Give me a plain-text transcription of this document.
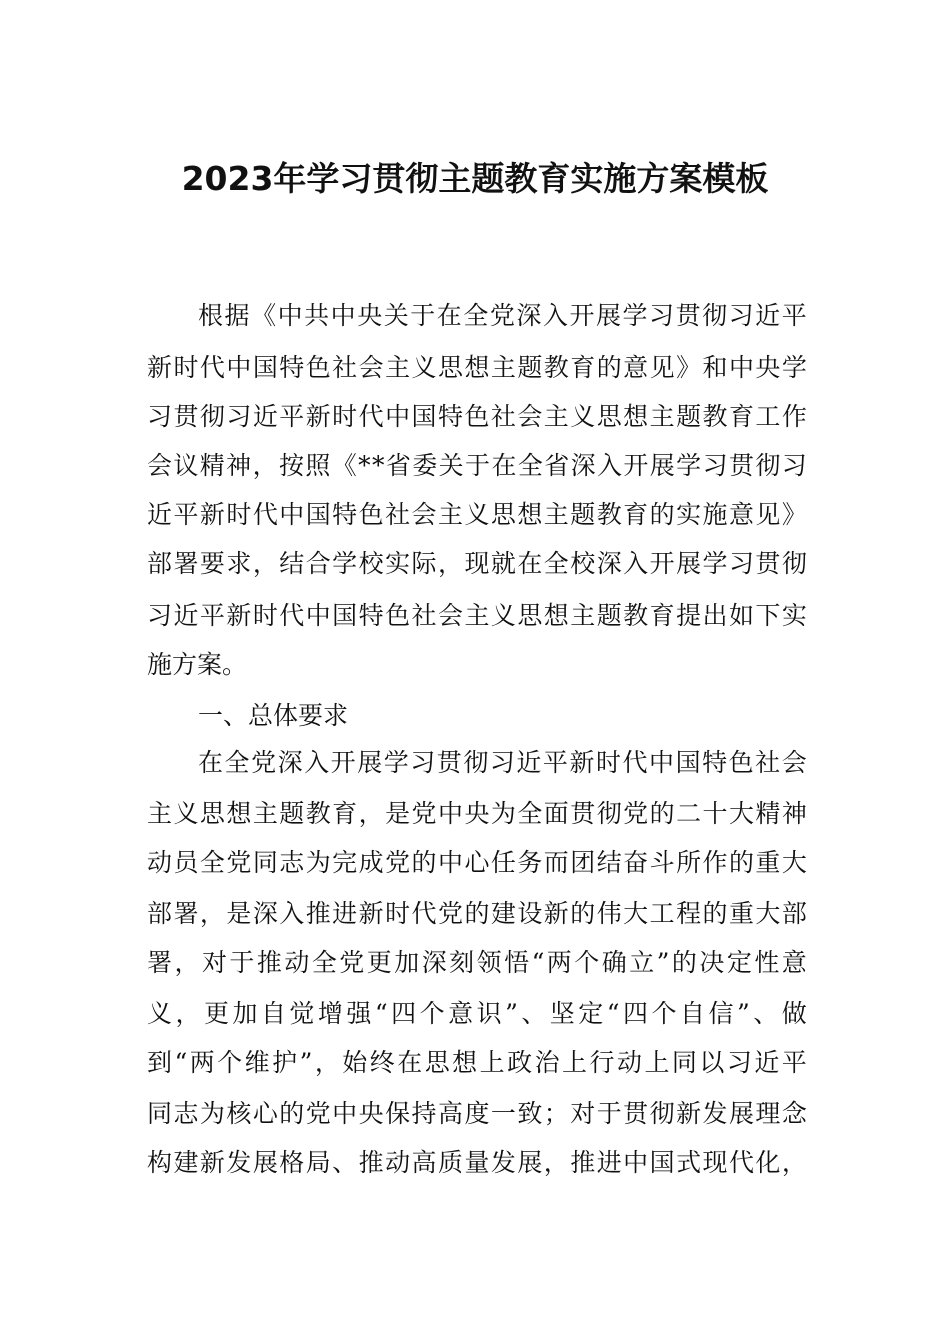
2023年学习贯彻主题教育实施方案模板
根 据 《 中 共 中 央 关 于 在 全 党 深 入 开 展 学 习 贯 彻 习 近 平
新 时 代 中 国 特 色 社 会 主 义 思 想 主 题 教 育 的 意 见 》 和 中 央 学
习 贯 彻 习 近 平 新 时 代 中 国 特 色 社 会 主 义 思 想 主 题 教 育 工 作
会 议 精 神 ， 按 照 《 * * 省 委 关 于 在 全 省 深 入 开 展 学 习 贯 彻 习
近 平 新 时 代 中 国 特 色 社 会 主 义 思 想 主 题 教 育 的 实 施 意 见 》
部 署 要 求 ， 结 合 学 校 实 际 ， 现 就 在 全 校 深 入 开 展 学 习 贯 彻
习 近 平 新 时 代 中 国 特 色 社 会 主 义 思 想 主 题 教 育 提 出 如 下 实
施方案。
一、总体要求
在 全 党 深 入 开 展 学 习 贯 彻 习 近 平 新 时 代 中 国 特 色 社 会
主 义 思 想 主 题 教 育 ， 是 党 中 央 为 全 面 贯 彻 党 的 二 十 大 精 神
动 员 全 党 同 志 为 完 成 党 的 中 心 任 务 而 团 结 奋 斗 所 作 的 重 大
部 署 ， 是 深 入 推 进 新 时 代 党 的 建 设 新 的 伟 大 工 程 的 重 大 部
署 ， 对 于 推 动 全 党 更 加 深 刻 领 悟 “ 两 个 确 立 ” 的 决 定 性 意
义 ， 更 加 自 觉 增 强 “ 四 个 意 识 ” 、 坚 定 “ 四 个 自 信 ” 、 做
到 “ 两 个 维 护 ” ， 始 终 在 思 想 上 政 治 上 行 动 上 同 以 习 近 平
同 志 为 核 心 的 党 中 央 保 持 高 度 一 致 ； 对 于 贯 彻 新 发 展 理 念
构 建 新 发 展 格 局 、 推 动 高 质 量 发 展 ， 推 进 中 国 式 现 代 化 ，
